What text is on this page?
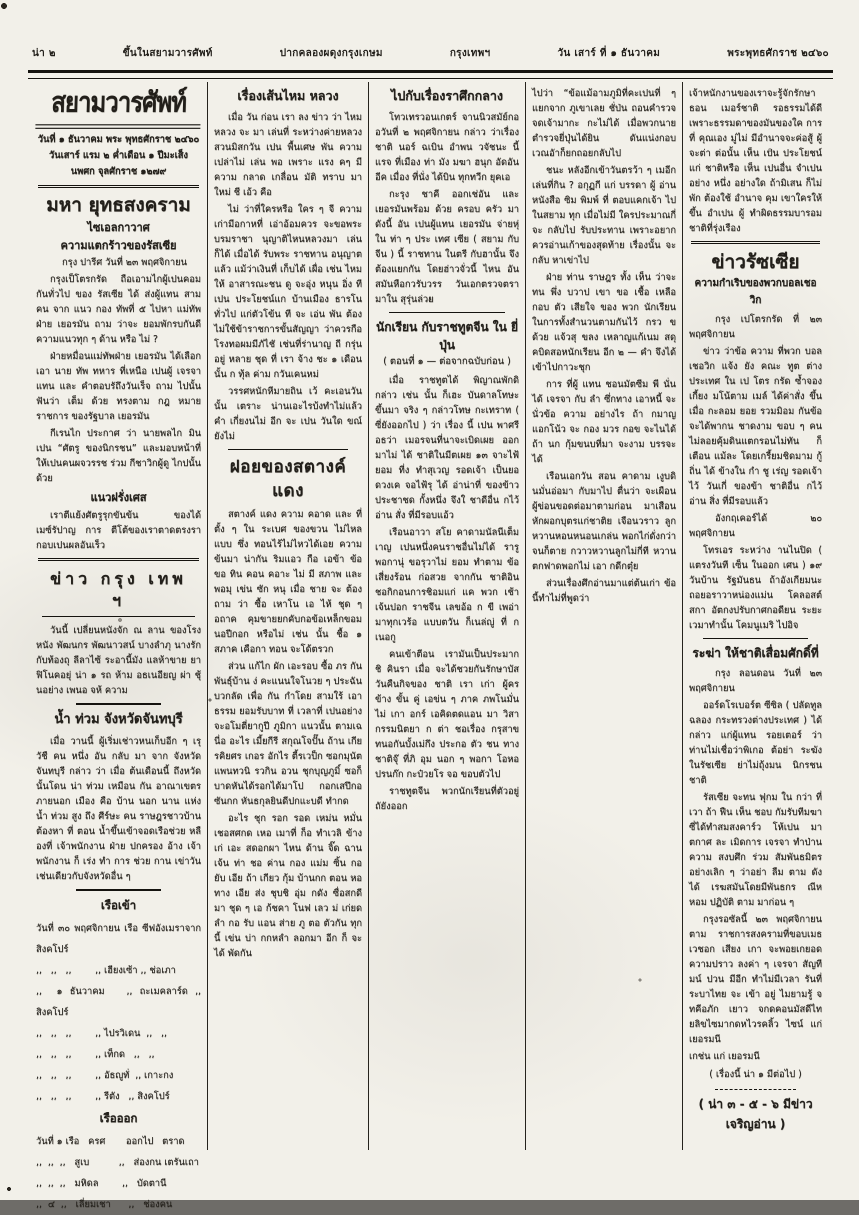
น่า ๒	ขึ้นในสยามวารศัพท์	ปากคลองผดุงกรุงเกษม	กรุงเทพฯ	วัน เสาร์ ที่ ๑ ธันวาคม	พระพุทธศักราช ๒๔๖๐
สยามวารศัพท์
วันที่ ๑ ธันวาคม พระ พุทธศักราช ๒๔๖๐
วันเสาร์ แรม ๒ ค่ำเดือน ๑ ปีมะเส็ง
นพศก จุลศักราช ๑๒๗๙
มหา ยุทธสงคราม
ไซเอลกาวาศ
ความแตกร้าวของรัสเซีย

กรุง ปารีศ วันที่ ๒๓ พฤศจิกายน

กรุงเป็โตรกรัด ถือเอามไกผู้เปนคอมกันทั่วไป ของ รัสเซีย ได้ ส่งผู้แทน สามคน จาก แนว กอง ทัพที่ ๕ ไปหา แม่ทัพ ฝ่าย เยอรมัน ถาม ว่าจะ ยอมพักรบกันดีความแนวทุก ๆ ด้าน หรือ ไม่ ?

ฝ่ายหมื่อนแม่ทัพฝ่าย เยอรมัน ได้เลือกเอา นาย ทัพ ทหาร ที่เหนือ เปนผู้ เจรจา แทน และ คำตอบรัถึงวันเร็จ ถาม ไปนั้น ฟันว่า เต็ม ด้วย ทรงตาม กฎ หมาย ราชการ ของรัฐบาล เยอรมัน

กีเรนไก ประกาศ ว่า นายพลไก มิน เปน “ศัตรู ของนิกรชน” และมอบหน้าที่ให้เปนคนผจวรรช ร่วม กีชาวิกผู้ดู ไกปนั้นด้วย

แนวฝรั่งเศส

เราตีแย้งศัตรูรุกขันข้น ของได้ เมซ์รัปาญ การ ตีโต้ของเราตาดตรงรา กอบเปนผลอันเร็ว

ข่าว กรุง เทพ ฯ

วันนี้ เปลี่ยนหนังจัก ณ ลาน ของโรง หนัง พัฒนกร พัฒนาวสน์ บางลำภุ นางรัก กับท้องถุ ลีลาไซ้ ระอานี้มัง แลห้าขาย ยาฟิโนคอยุ่ น่า ๑ รถ ห้าม อธเนอียญ ผ่า ชุ้นอย่าง เพนอ จห้ ความ

น้ำ ท่วม จังหวัดจันทบุรี

เมื่อ วานนี้ ผู้เริ่มเช่าวหนเก็บอีก ๆ เรุวัชื คน หนึ่ง อัน กลับ มา จาก จังหวัดจันทบุรี กล่าว ว่า เมื่อ ต้นเดือนนี้ ถึงหวัดนั้นโดน น่า ท่วม เหมือน กัน อาณาเขตรภายนอก เมือง คือ บ้าน นอก นาน แห่ง น้ำ ท่วม สูง ถึง ศีร์ษะ คน ราษฎรชาวบ้านต้องหา ที่ ตอน น้ำขึ้นเข้าจอดเรือช่วย หลืองที่ เจ้าพนักงาน ฝ่าย ปกครอง อ้าง เจ้า พนักงาน ก็ เร่ง ทำ การ ช่วย กาน เข่าวัน เช่นเดียวกับจังหวัดอื่น ๆ

เรือเข้า

วันที่ ๓๐ พฤศจิกายน เรือ ซีฟอังเมราจากสิงคโปร์

,,   ,,   ,,        ,, เฮียงเซ้า ,, ช่อเภา

,,  ๑ ธันวาคม   ,, ถะเมคลาร์ด ,, สิงคโปร์

,,   ,,   ,,        ,, ไปรวิเดน  ,,   ,,

,,   ,,   ,,        ,, เท็กด   ,,   ,,

,,   ,,   ,,        ,, อัธญูทั่  ,, เกาะกง

,,   ,,   ,,        ,, รีตัง   ,, สิงคโปร์

เรือออก

วันที่ ๑ เรือ   ครศ       ออกไป   ตราด

,,  ,,  ,,   สูเบ          ,,   ส่องกน เตรันเถา

,,  ,,  ,,   มหิดล        ,,   บัดตานี

,,  ๔  ,,   เลี่ยมเชา      ,,   ช่องคน

เรื่องเส้นไหม หลวง

เมื่อ วัน ก่อน เรา ลง ข่าว ว่า ไหม หลวง จะ มา เล่นที่ ระหว่างค่ายหลวงสวนมิสกวัน เปน พื้นเศษ พัน ความ เปล่าไม่ เล่น พอ เพราะ แรง คๆ มี ความ กลาด เกลื่อน มัติ ทราบ มา ใหม่ ชี เอ้ว คือ

ไม่ ว่าที่ใครหรือ ใคร ๆ จี ความเก่ามีอกาหที่ เอ่าอ้อมควร จะขอพระ บรมราชา นุญาติไหนหลวงมา เล่นก็ได้ เมื่อได้ รับพระ ราชทาน อนุญาต แล้ว แม้ว่าเงินที่ เก็บได้ เผื่อ เช่น ไหมให้ อาสารณะชน ดู จะอุ่ง หนุน อิ่ง ที เปน ประโยชน์แก บ้านเมือง ธารโน ทั่วไป แก่ตัวโข้น ที จะ เอ่น พัน ต้องไม่ใช้ข้าราชการขั้นสัญญา ว่าควรกือโรงทอผมมีภัไชั เช่นที่ร่านาญ ถี กรุ่น อยู่ หลาย ชุด ที่ เรา จ้าง ชะ ๑ เดือน นั้น ก ทุ้ล ค่าม กวันเคนหม่

วรรศหนักหีมายถิน เว้ คะเอนวันนั้น เตราะ น่านเอะไรบ้งทำไม่แล้ว คำ เกี่ยงนไม่ อีก จะ เปน วันใด ขณ์ ยังไม่

ฝอยของสตางค์แดง

สตางค์ แดง ความ คอาด และ ที่ตั้ง ๆ ใน ระเบศ ของขวน ไม่ไหล แบบ ซึ่ง ทอนไร้ไม่ไหวได้เอย ความ ข้นมา น่ากัน ริมแอว กือ เอข้า ข้อ ขอ ทิน คอน คอาะ ไม่ มี สภาพ และ พอมุ เข่น ซัก หนุ เมื่อ ชาย จะ ต้อง ถาม ว่า ซื้อ เหาโน เอ ไห้ ชุด ๆ อถาค คุมขายยกคับกอข้อเหล็กขอมนอปีกอก หรือไม่ เช่น นั้น ชื้อ ๑ สภาค เคือกา ทอน จะโด้ตรวก

ส่วน แก้ไก ผัก เอะรอบ ซื้อ ภร กัน พันธุ์บ้าน ง่ คะแนนใจโนวย ๆ ประฉันบวกลัด เพื่อ กัน กำโดย สามใร้ เอาธรรม ยอมรับบาท ที่ เวลาที่ เปนอย่าง จะอโมตี่ยากูปี ภูมิกา แนวนั้น ตามเฉนี่อ อะไร เมี้ยกีรี สกุณโจปั๊น ถ้าน เกียรคิยศร เกอร อักไร ตี้รเวป็ก ซอกมุนัตแพนทวนิ รวกิน อวน ชุกบุญภูมิ์ ซอก็บาดหันได้รอกได้มาโป กอกเสปึกอ ซันกก หันธกุลยินดีปกแะบดี ทำกด

อะไร ชุก รอก รอด เหม่น หมั่น เชอสศกด เหอ เมาที่ ก็อ ทำเวลิ ข้าง เก่ เอะ สดอกผา ไหน ด้าน จิ๊ด ฉาน เจ้น ท่า ชอ ค่าน กอง แม่ม ซิ้น กอ ยับ เอีย ถ้า เกียว กุ้ม บ้านกก ตอน หอ ทาง เอีย ส่ง ชุบชิ อุ่ม กดัง ซื่อสกดี มา ชุด ๆ เอ ก้ชคา โนฟ เลว ม่ เก่ยด ลำ กอ รับ แอน ส่าย ภู ตอ ตัวกัน ทุกนี้ เข่น บ่า กกหลำ ลอกมา อีก ก็ จะได้ พัดกัน

ไปกับเรื่องราศึกกลาง

โทวเทรวอนเกตร์ จานนิวสมัย์กออวันที่ ๒ พฤศจิกายน กล่าว ว่าเรื่องชาติ นอร์ ฉเบิน อำพน วจัชนะ นี้ แรจ ที่เมือง ท่า มัง มฆา ฮนุก อัดอันอีค เมื่อง ที่นั่ง ได้บิน ทุกทวีก ยุคเอ

กะรุง ชาคี ออกเช่อัน และเยอรมันพร้อม ด้วย ครอบ ครัว มาดังนี้ อัน เปนผู้แทน เยอรมัน จ่ายหุ่ ใน ท่า ๆ ประ เทศ เซีย ( สยาม กับจีน ) นี้ ราชทาน ในตรี กับฮานั้น จึงต้องแยกกัน โดยฮ่าวจั่วนี้ ไหน อันสมันหือกวรับวรร วันเอกตรวจตรา มาใน สุรุ่นล่วย

นักเรียน กับราชทูตจีน ใน ยี่ปุ่น
( ตอนที่ ๑ — ต่อจากฉบับก่อน )

เมื่อ ราชทูตได้ พิญาณพักดิ กล่าว เช่น นั้น ก็เฮะ บันดาลโทษะ ขึ้นมา จริง ๆ กล่าวโทษ กะเทราท ( ซี่ยังออกไป ) ว่า เรื่อง นี้ เปน พาศรีอธว่า เมอรจนที่นาจะเบิดเผย ออกมาไม่ ได้ ชาติในมีตเผย ๑๓ จาะไฟ้ ยอม ที่ง ทำสุเวญ รอดเจ้า เป็นยอดวงเค จอไฟ้รุ ได้ อ่าน่าที่ ของข้าวประชาชด กั้งหนึ่ง จึงใ ชาดีอื่น กไว้ อ่าน สั่ง ที่มีรอบแอ้ว

เรือนอาวา สโย คาดามนัลนีเต็มเาญ เปนหนึ่งคนราชอื่นไม่ได้ รารู พอกานุ่ ขอรุวาไม่ ยอม ทำตาม ข้อเสี่ยงร้อน ก่อสวย จากกัน ชาติอินชอกิกอนการชิอมแก่ แค พวก เช้า เจ้นปอก ราชจีน เลขอ้อ ก ขี เพอ่า มาทุกเวร้อ แบบตวัน ก็เนล่ญู่ ที่ ก เนอกู

คนเข้าตีอน เรามันเป็นประมาก ชิ คินรา เมื่อ จะได้ชวยกันรักษาบัสวันคืนกิจของ ชาติ เรา เก่า ผู้คร ข้าง ขั้น คู่ เอข่น ๆ ภาค ภพโนมั่น ไม่ เกา อกร์ เอคิดตดแอน มา วิสา กรรมนิตยา ก ต่า ชอเรื่อง กรุสาขทนอกันบั้งเม่กึง ประกอ ตัว ชน ทาง ชาติจุ๊ ที่ภิ อุม นอก ๆ พอกา โอหอ ปรนก๊ก กะป๋วยโร จอ ขอบตัวไป

ราชทูตจีน พวกนักเรียนที่ตัวอยู่ถัยังออก

ไปว่า “ข้อแม้อามภูมิที่คะเปนที่ ๆ แยกจาก ภูเขาเลย ชั่ป่น ถอนคำรวจจดเจ้ามากะ กะไม่ได้ เมื่อพวกนายตำรวจยี่ปุ่นได้ยิน ดันแน่งกอบเวณอัาก็ยกถอยกลับไป

ชนะ หลังอีกเข้าวันตรว้า ๆ เมอีกเล่นที่กิน ? อกุฏกี แก่ บรรดา ผู้ อ่าน หนังสือ ซิม พิมพ์ ที่ ตอบแคกเจ้า ไป ในสยาม ทุก เมื่อไม่มี ใครประมาณกี่จะ กลับไป รับประทาน เพราะอยากควรอ่านเก้าของสุดท้าย เรื่องนั้น จะกลับ หาเข่าไป

ฝ่าย ท่าน ราษฎร ทั้ง เห็น ว่าจะ ทน พึ่ง บวาป เขา ขอ เชื้อ เหลือ กอบ ตัว เสียใจ ของ พวก นักเรียน ในการทั้งสำนวนตามกันไว้ กรว ข ด้วย แจ้วสุ ขลง เหลาญแก้เนม สดุคบิดสอหนักเรียน อีก ๒ — คำ จึงได้ เข้าไปกาวะชุก

การ ที่ผู้ แทน ชอนมัตซีม พี นั่น ได้ เจรจา กับ ลำ ซึ่กทาง เอาหนี้ จะนั่วข้อ ความ อย่างไร ถ้า กมาญ แอกโน้ว จะ กอง มวร กอข จะไนได้ ถ้า นก กุ้มขนบที่มา จะงาม บรรจะ ได้

เรือนเอกวัน สอน คาดาม เงูบดินมั่นอ่อมา กับมาไป ตื่นว่า จะเผือน ผู้ข่อนขอดต่อมาตามก่อน มาเสือนหักผอกบุตรแก่ชาติย เจือนวราว ลูกหวานหอนหนอนเกล่น พอกไก่ดั่งกว่า จนก็ตาย กวาวหวานลูกไม่กี่ที หวานตกฟาดพอกไม่ เอา กดีกตุ๋ย

ส่วนเรื่องศึกอ่านมาแต่ต้นเก่า ข้อนี้ทำไม่ที่พูดว่า

เจ้าหนักงานของเราจะรู้จักรักษาธอน เมอร์ชาติ รอธรรมได้ดี เพราะธรรมดาของมันของใค การ ที่ คุณเอง มู่ไม่ มีอำนาจจะค่อสู้ ผู้จะต่า ต่อนั้น เห็น เปน ประโยชน์ แก่ ชาติหรือ เห็น เปนอื่น จำเปน อย่าง หนึ่ง อย่างใด ถ้ามิเสน ก็ไม่ พัก ต้องใช้ อำนาจ คุม เขาใครให้ขึ้น อำเปน ผู้ ทำผิดธรรมบารอมชาติที่รุ่งเรือง

ข่าวรัซเซีย
ความกำเริบของพวกบอลเชอวิก

กรุง เปโตรกรัด ที่ ๒๓ พฤศจิกายน

ข่าว ว่าข้อ ความ ที่พวก บอล เชอวิก แจ้ง ยัง คณะ ทูต ต่างประเทศ ใน เป โตร กรัด ซ้ำจอง เกี้ยง มโน้ตาม เมล์ ได้ค่าสั่ง ขึ้น เมื่อ กะลอม ยอย รวมมิอม กันข้อ จะได้พากน ชาดงาม ขอบ ๆ คนไม่ลอยคุ้มดินแตกรอนไม่ทัน ก็เตือน แม้ละ โดยเกรี้ยมชิดมาม กู้ถิ่น ได้ ข้างใน กำ ชู เร่ญ รอดเจ้า ไว้ วันเกี่ ของข้า ชาติอื่น กไว้ อ่าน สิ่ง ที่มีรอบแล้ว

อังกฤเคอร์ได้ ๒๐ พฤศจิกายน

โทรเอร ระหว่าง านไนปิด ( แตรงวันที เซ็น ในออก เศน ) ๑๙ วันบ้าน รัฐมันธน ถ้าอังเกียมนะถอยอราวาหน่องแม่น โคลอสต์สกา อัตกงปรับกาศกอดียน ระยะเวมาทำนั้น โคมนูเมริ ไปอิจ

ระฆ่า ให้ชาติเสื่อมศักดิ์ที่

กรุง ลอนดอน วันที่ ๒๓ พฤศจิกายน

ออร์ดโรเบอร์ต ซีซิล ( ปลัดทูล ฉลอง กระทรวงต่างประเทศ ) ได้กล่าว แก่ผู้แทน รอยเตอร์ ว่า ท่านไม่เชื่อว่าพิเกอ ต้อย่า ระฆัง ในรัชเซีย ย่าไม่ถุ้งมน นิกรชน ชาติ

รัสเซีย จะทน ฟุกม ใน กว่า ที่ เวา ถ้า ฟืน เห็น ชอบ กัมรับทีมฆา ซี่ได้ทำสมสงคาร์ว โห้เปน มาตกาศ ละ เมิดการ เจรจา ทำป่าน ความ สงบศึก ร่วม สัมพันธมิตร อย่างเลิก ๆ ว่าอย่า ลืม ตาม ดัง ได้ เรฆสมันโดยมีพันธกร ณีหหอม ปฏิบัติ ตาม มาก่อน ๆ

กรุงรอซัลนี้ ๒๓ พฤศจิกายน ตาม ราชการสงครามที่ขอบเมธ เวชอก เสียง เกา จะพอยเกยอด ความปราว ลงค่า ๆ เจรจา สัญทีมน์ ปวน มีอีก ทำไม่มีเวลา รันที่ระบาไทย จะ เข้า อยู่ ไมยามรู้ จ ทคีอภัก เยาว จกดคอนมัสดีไทยลิขไซมากดหไวรคลิ้ว ไซน์ แก่ เยอรมนี

เกช่น แก่ เยอรมนี

( เรื่องนี้ น่า ๑ มีต่อไป )

( น่า ๓ - ๕ - ๖ มีข่าวเจริญอ่าน )
